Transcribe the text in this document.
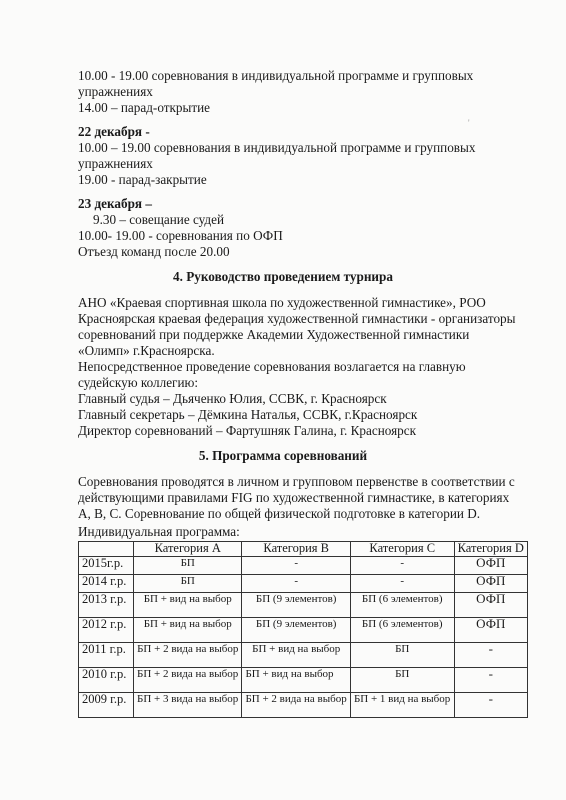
10.00 - 19.00 соревнования в индивидуальной программе и групповых
упражнениях
14.00 – парад-открытие
22 декабря -
10.00 – 19.00 соревнования в индивидуальной программе и групповых
упражнениях
19.00 - парад-закрытие
23 декабря –
9.30 – совещание судей
10.00- 19.00 - соревнования по ОФП
Отъезд команд после 20.00
4. Руководство проведением турнира
АНО «Краевая спортивная школа по художественной гимнастике», РОО
Красноярская краевая федерация художественной гимнастики - организаторы
соревнований при поддержке Академии Художественной гимнастики
«Олимп» г.Красноярска.
Непосредственное проведение соревнования возлагается на главную
судейскую коллегию:
Главный судья – Дьяченко Юлия, ССВК, г. Красноярск
Главный секретарь – Дёмкина Наталья, ССВК, г.Красноярск
Директор соревнований – Фартушняк Галина, г. Красноярск
5. Программа соревнований
Соревнования проводятся в личном и групповом первенстве в соответствии с
действующими правилами FIG по художественной гимнастике, в категориях
А, В, С. Соревнование по общей физической подготовке в категории D.
Индивидуальная программа:
'
	Категория А	Категория В	Категория С	Категория D
2015г.р.	БП	-	-	ОФП
2014 г.р.	БП	-	-	ОФП
2013 г.р.	БП + вид на выбор	БП (9 элементов)	БП (6 элементов)	ОФП
2012 г.р.	БП + вид на выбор	БП (9 элементов)	БП (6 элементов)	ОФП
2011 г.р.	БП + 2 вида на выбор	БП + вид на выбор	БП	-
2010 г.р.	БП + 2 вида на выбор	БП + вид на выбор	БП	-
2009 г.р.	БП + 3 вида на выбор	БП + 2 вида на выбор	БП + 1 вид на выбор	-
